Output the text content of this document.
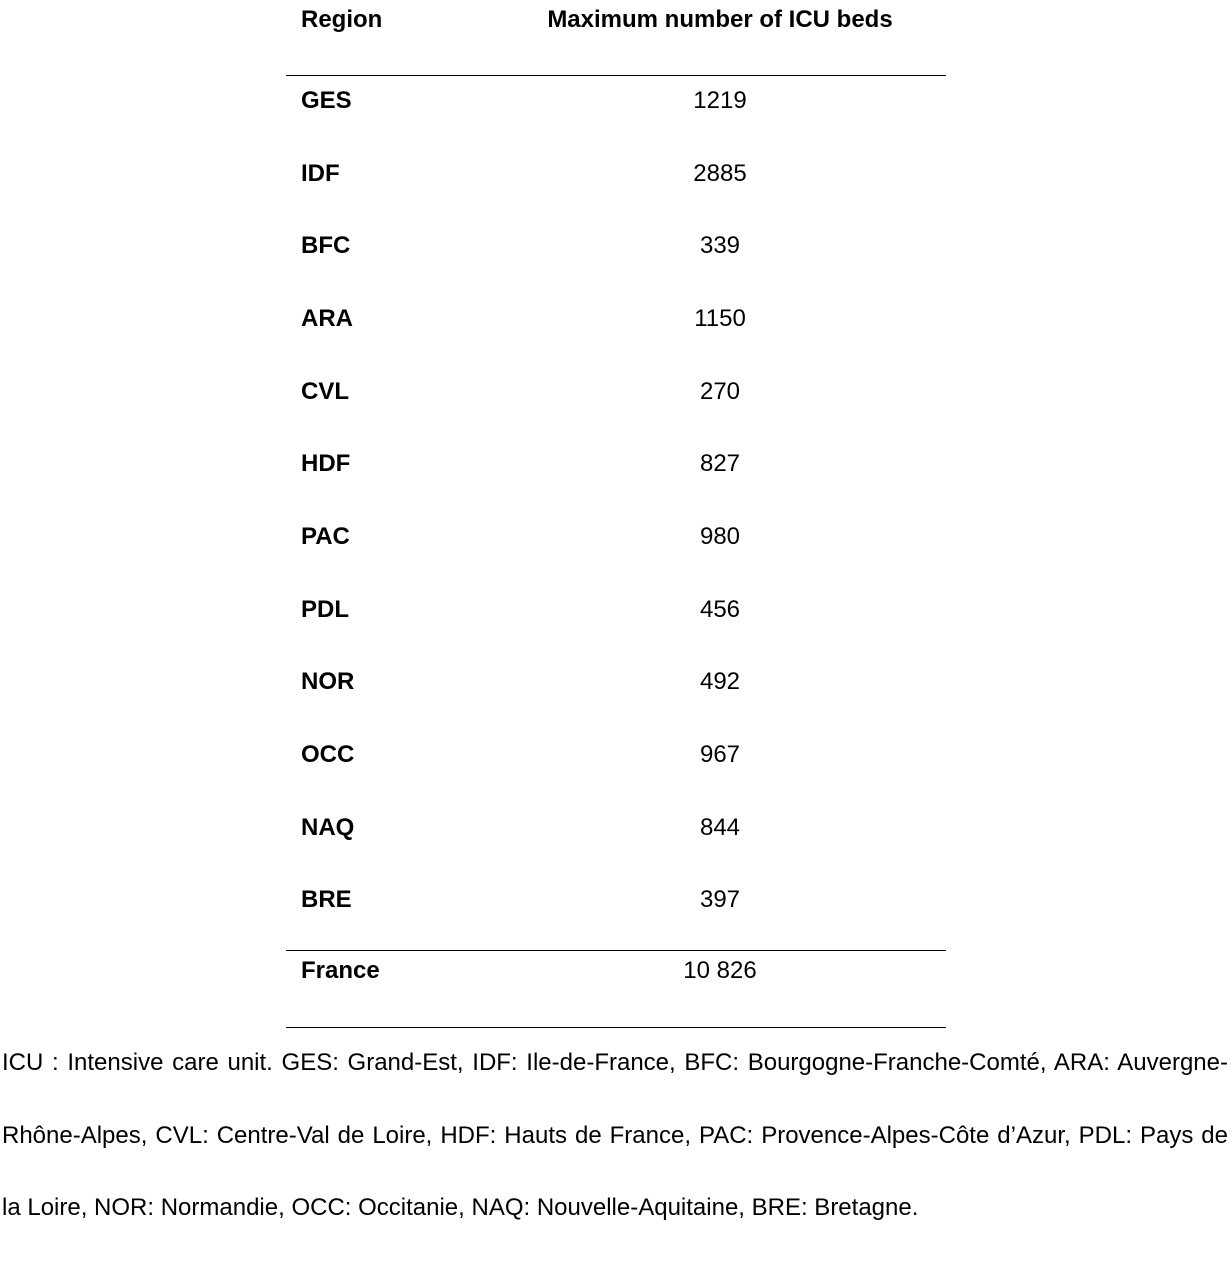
Region	Maximum number of ICU beds
GES	1219
IDF	2885
BFC	339
ARA	1150
CVL	270
HDF	827
PAC	980
PDL	456
NOR	492
OCC	967
NAQ	844
BRE	397
France	10 826
ICU : Intensive care unit. GES: Grand-Est, IDF: Ile-de-France, BFC: Bourgogne-Franche-Comté, ARA: Auvergne-Rhône-Alpes, CVL: Centre-Val de Loire, HDF: Hauts de France, PAC: Provence-Alpes-Côte d’Azur, PDL: Pays de la Loire, NOR: Normandie, OCC: Occitanie, NAQ: Nouvelle-Aquitaine, BRE: Bretagne.
